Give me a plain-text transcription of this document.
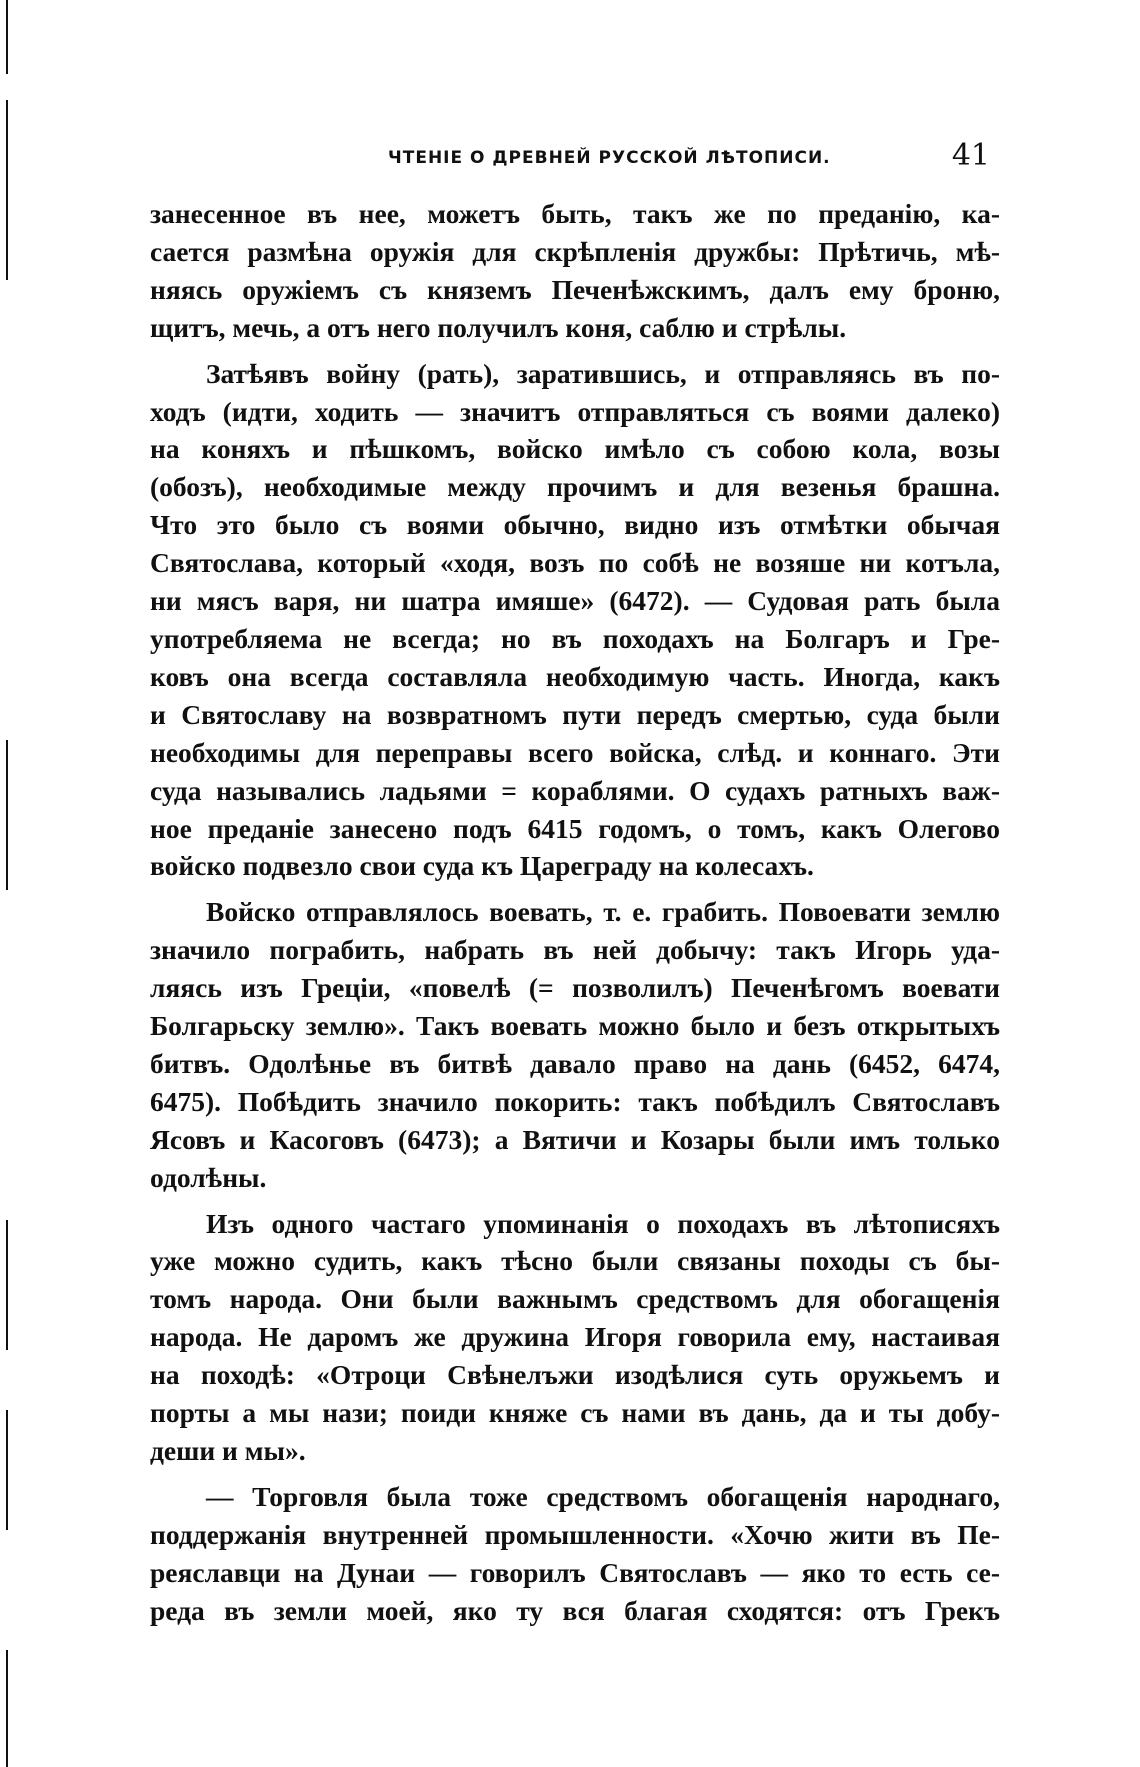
ЧТЕНІЕ О ДРЕВНЕЙ РУССКОЙ ЛѢТОПИСИ.	41
занесенное въ нее, можетъ быть, такъ же по преданію, ка-
сается размѣна оружія для скрѣпленія дружбы: Прѣтичь, мѣ-
няясь оружіемъ съ княземъ Печенѣжскимъ, далъ ему броню,
щитъ, мечь, а отъ него получилъ коня, саблю и стрѣлы.
Затѣявъ войну (рать), заратившись, и отправляясь въ по-
ходъ (идти, ходить — значитъ отправляться съ воями далеко)
на коняхъ и пѣшкомъ, войско имѣло съ собою кола, возы
(обозъ), необходимые между прочимъ и для везенья брашна.
Что это было съ воями обычно, видно изъ отмѣтки обычая
Святослава, который «ходя, возъ по собѣ не возяше ни котъла,
ни мясъ варя, ни шатра имяше» (6472). — Судовая рать была
употребляема не всегда; но въ походахъ на Болгаръ и Гре-
ковъ она всегда составляла необходимую часть. Иногда, какъ
и Святославу на возвратномъ пути передъ смертью, суда были
необходимы для переправы всего войска, слѣд. и коннаго. Эти
суда назывались ладьями = кораблями. О судахъ ратныхъ важ-
ное преданіе занесено подъ 6415 годомъ, о томъ, какъ Олегово
войско подвезло свои суда къ Цареграду на колесахъ.
Войско отправлялось воевать, т. е. грабить. Повоевати землю
значило пограбить, набрать въ ней добычу: такъ Игорь уда-
ляясь изъ Греціи, «повелѣ (= позволилъ) Печенѣгомъ воевати
Болгарьску землю». Такъ воевать можно было и безъ открытыхъ
битвъ. Одолѣнье въ битвѣ давало право на дань (6452, 6474,
6475). Побѣдить значило покорить: такъ побѣдилъ Святославъ
Ясовъ и Касоговъ (6473); а Вятичи и Козары были имъ только
одолѣны.
Изъ одного частаго упоминанія о походахъ въ лѣтописяхъ
уже можно судить, какъ тѣсно были связаны походы съ бы-
томъ народа. Они были важнымъ средствомъ для обогащенія
народа. Не даромъ же дружина Игоря говорила ему, настаивая
на походѣ: «Отроци Свѣнелъжи изодѣлися суть оружьемъ и
порты а мы нази; поиди княже съ нами въ дань, да и ты добу-
деши и мы».
— Торговля была тоже средствомъ обогащенія народнаго,
поддержанія внутренней промышленности. «Хочю жити въ Пе-
реяславци на Дунаи — говорилъ Святославъ — яко то есть се-
реда въ земли моей, яко ту вся благая сходятся: отъ Грекъ
